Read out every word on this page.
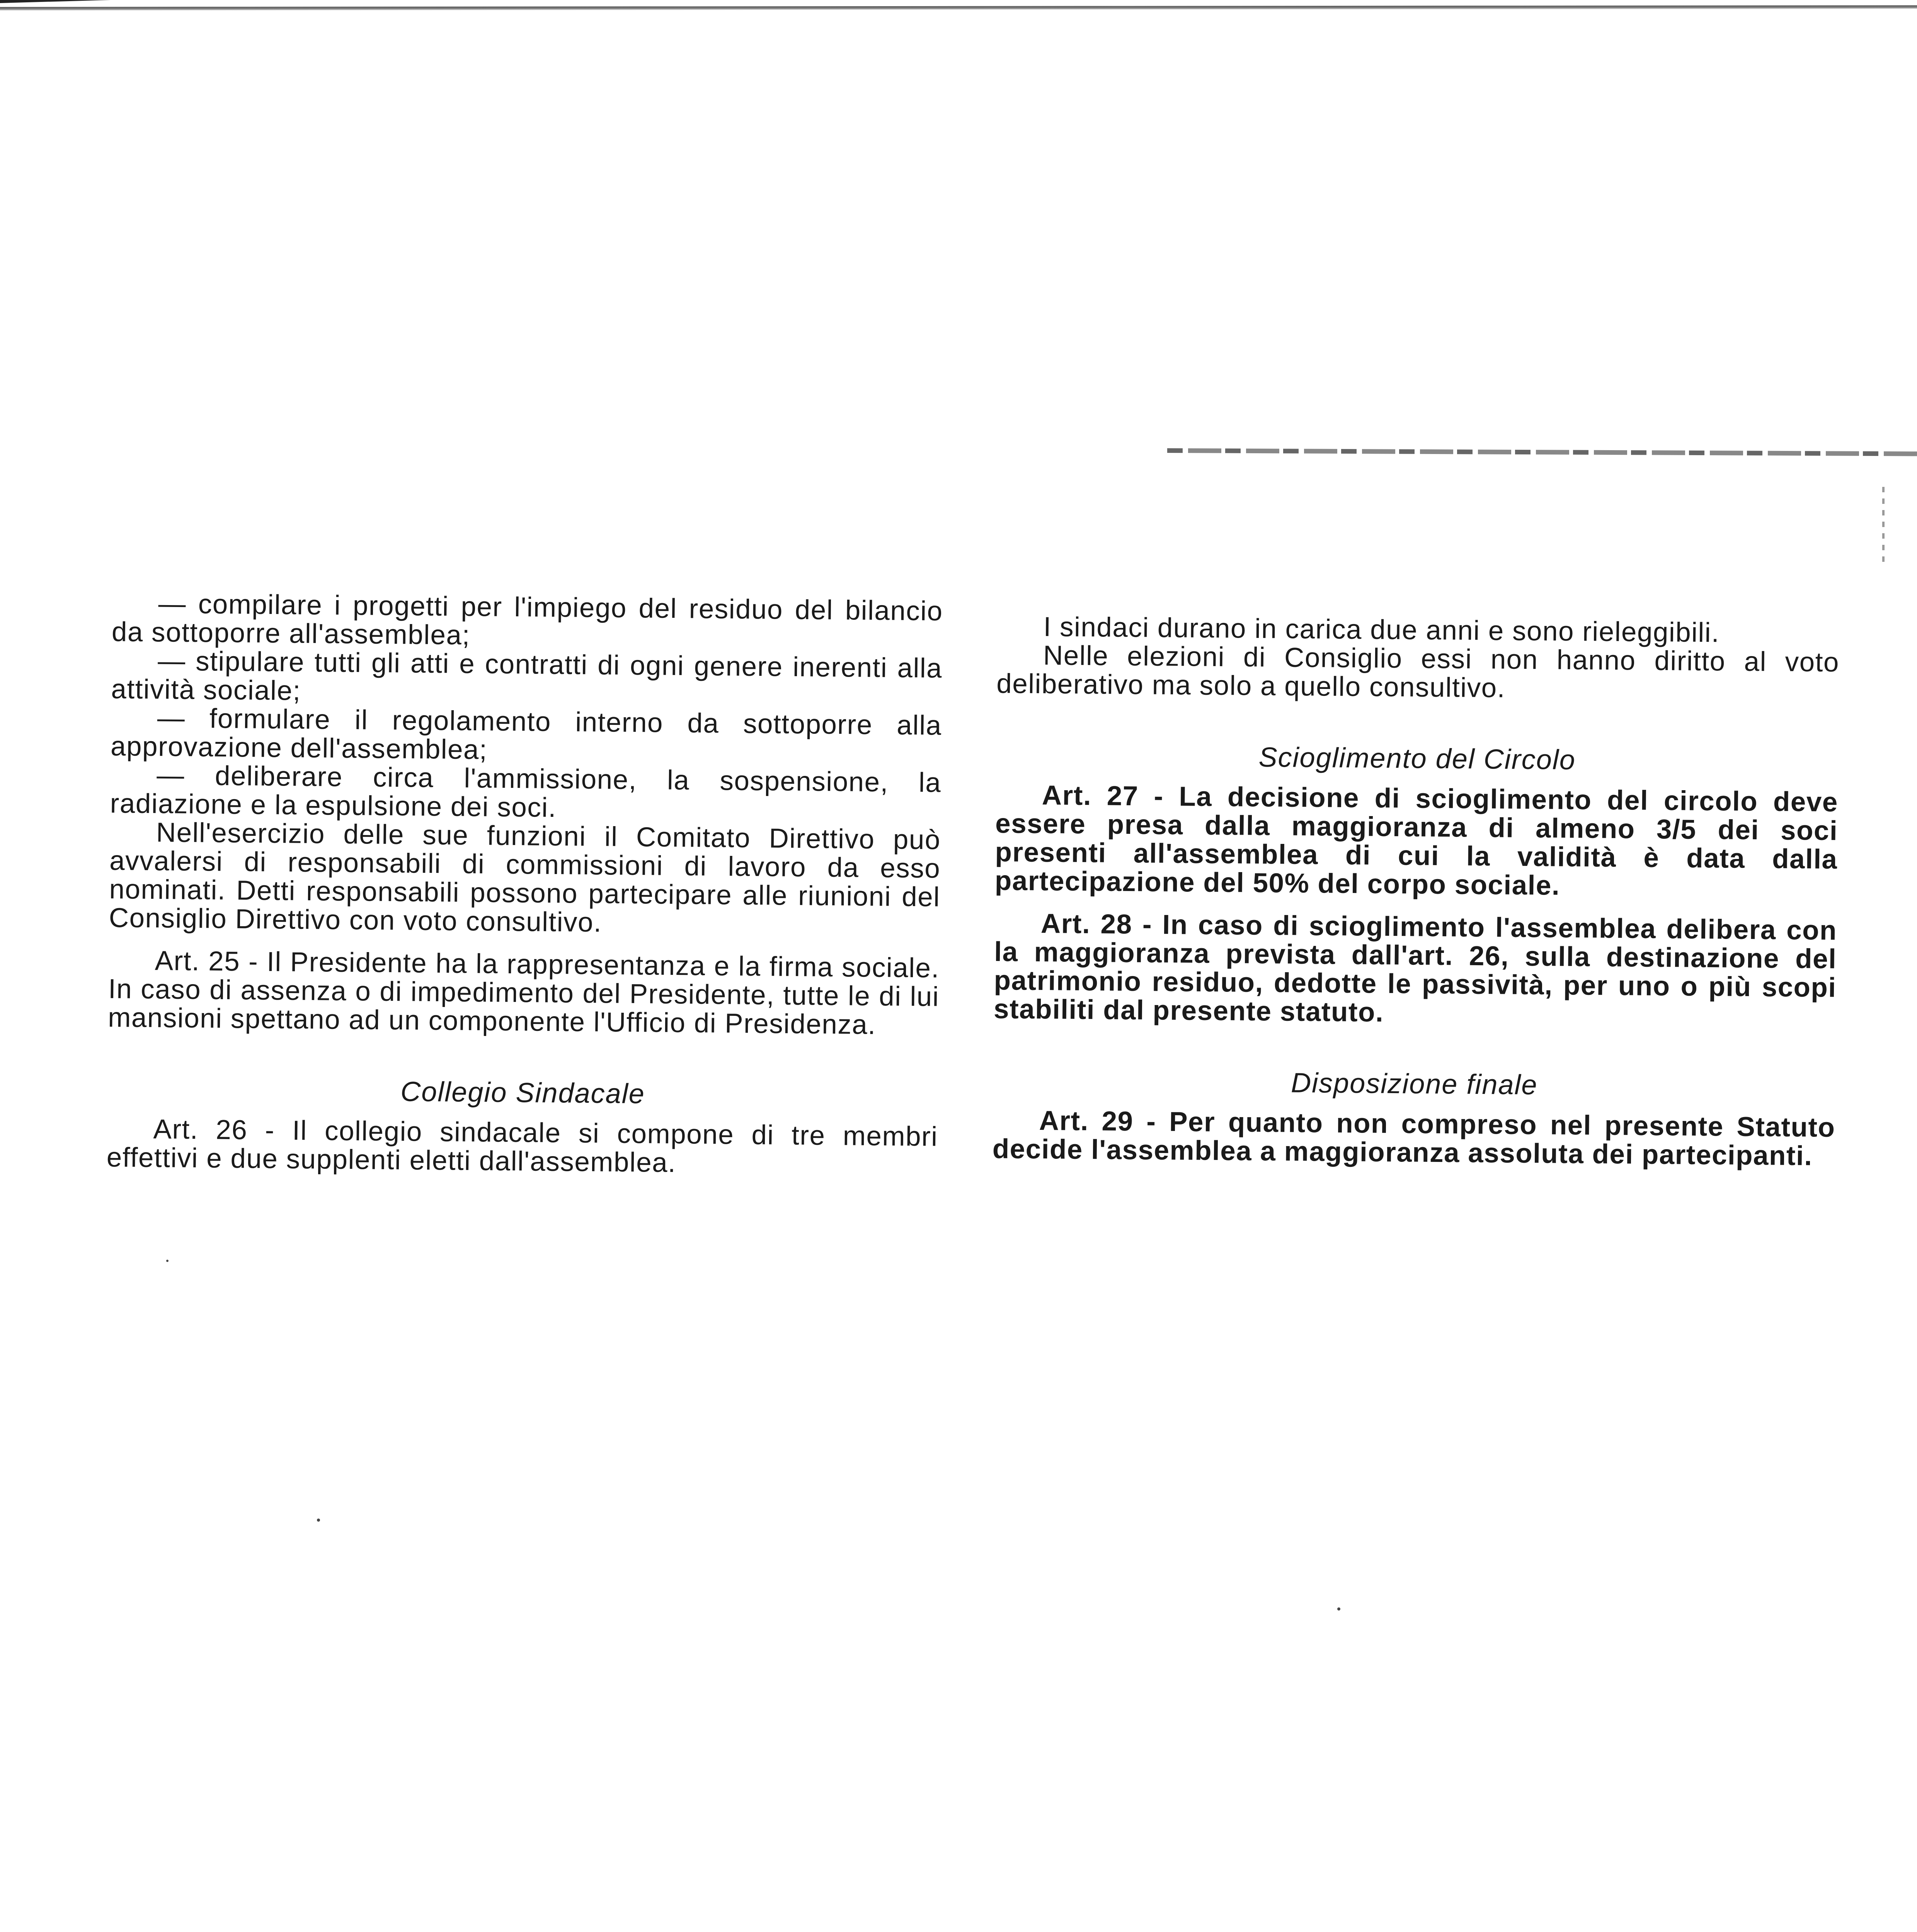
— compilare i progetti per l'impiego del residuo del bilancio da sottoporre all'assemblea;

— stipulare tutti gli atti e contratti di ogni genere inerenti alla attività sociale;

— formulare il regolamento interno da sottoporre alla approvazione dell'assemblea;

— deliberare circa l'ammissione, la sospensione, la radiazione e la espulsione dei soci.

Nell'esercizio delle sue funzioni il Comitato Direttivo può avvalersi di responsabili di commissioni di lavoro da esso nominati. Detti responsabili possono partecipare alle riunioni del Consiglio Direttivo con voto consultivo.

Art. 25 - Il Presidente ha la rappresentanza e la firma sociale. In caso di assenza o di impedimento del Presidente, tutte le di lui mansioni spettano ad un componente l'Ufficio di Presidenza.

Collegio Sindacale

Art. 26 - Il collegio sindacale si compone di tre membri effettivi e due supplenti eletti dall'assemblea.

I sindaci durano in carica due anni e sono rieleggibili.

Nelle elezioni di Consiglio essi non hanno diritto al voto deliberativo ma solo a quello consultivo.

Scioglimento del Circolo

Art. 27 - La decisione di scioglimento del circolo deve essere presa dalla maggioranza di almeno 3/5 dei soci presenti all'assemblea di cui la validità è data dalla partecipazione del 50% del corpo sociale.

Art. 28 - In caso di scioglimento l'assemblea delibera con la maggioranza prevista dall'art. 26, sulla destinazione del patrimonio residuo, dedotte le passività, per uno o più scopi stabiliti dal presente statuto.

Disposizione finale

Art. 29 - Per quanto non compreso nel presente Statuto decide l'assemblea a maggioranza assoluta dei partecipanti.
